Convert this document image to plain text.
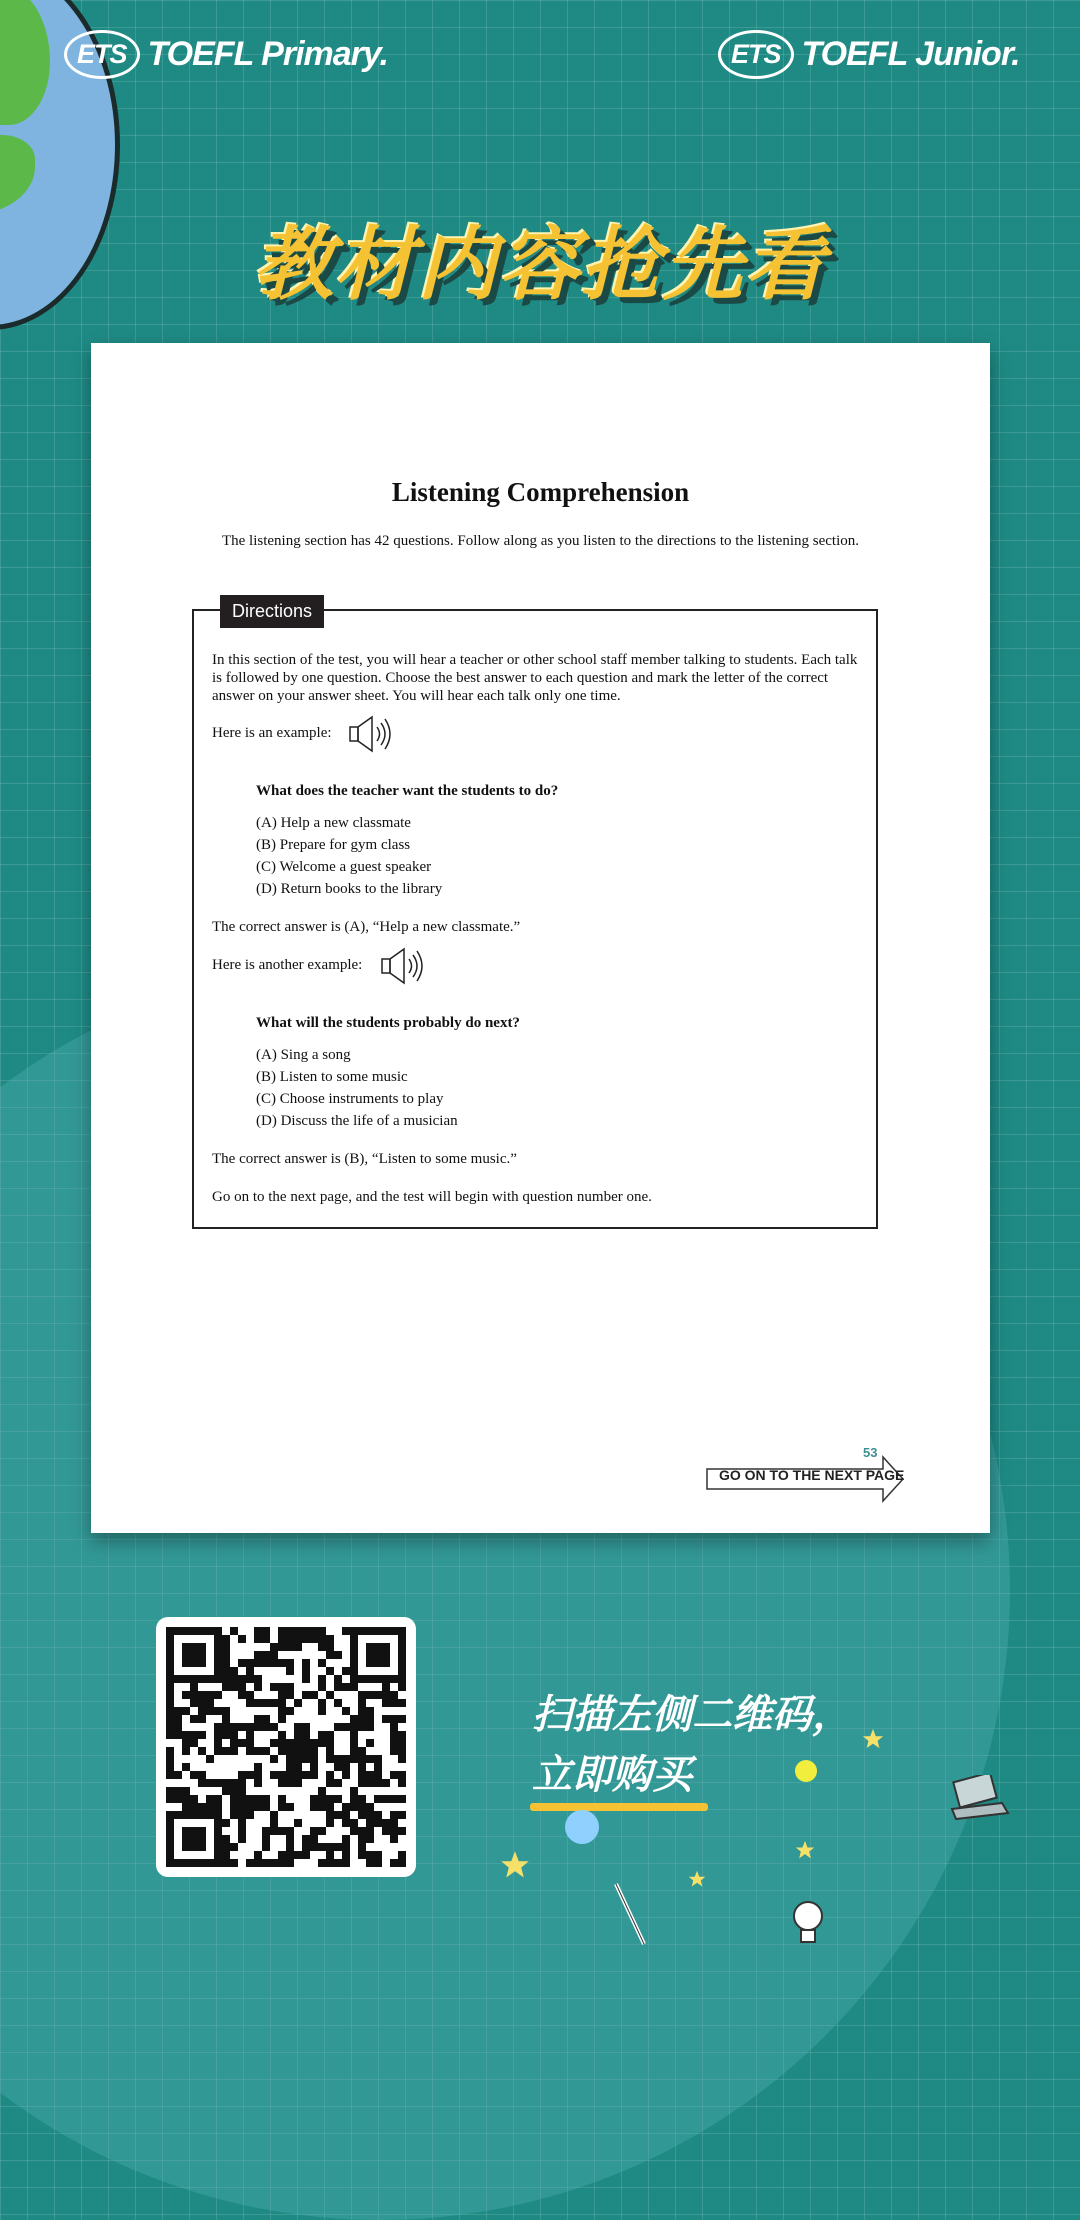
ETS TOEFL Primary.	ETS TOEFL Junior.
教材内容抢先看
Listening Comprehension
The listening section has 42 questions. Follow along as you listen to the directions to the listening section.
Directions
In this section of the test, you will hear a teacher or other school staff member talking to students. Each talk is followed by one question. Choose the best answer to each question and mark the letter of the correct answer on your answer sheet. You will hear each talk only one time.
Here is an example:
What does the teacher want the students to do?
(A) Help a new classmate
(B) Prepare for gym class
(C) Welcome a guest speaker
(D) Return books to the library
The correct answer is (A), “Help a new classmate.”
Here is another example:
What will the students probably do next?
(A) Sing a song
(B) Listen to some music
(C) Choose instruments to play
(D) Discuss the life of a musician
The correct answer is (B), “Listen to some music.”
Go on to the next page, and the test will begin with question number one.
53
GO ON TO THE NEXT PAGE
扫描左侧二维码，
立即购买
